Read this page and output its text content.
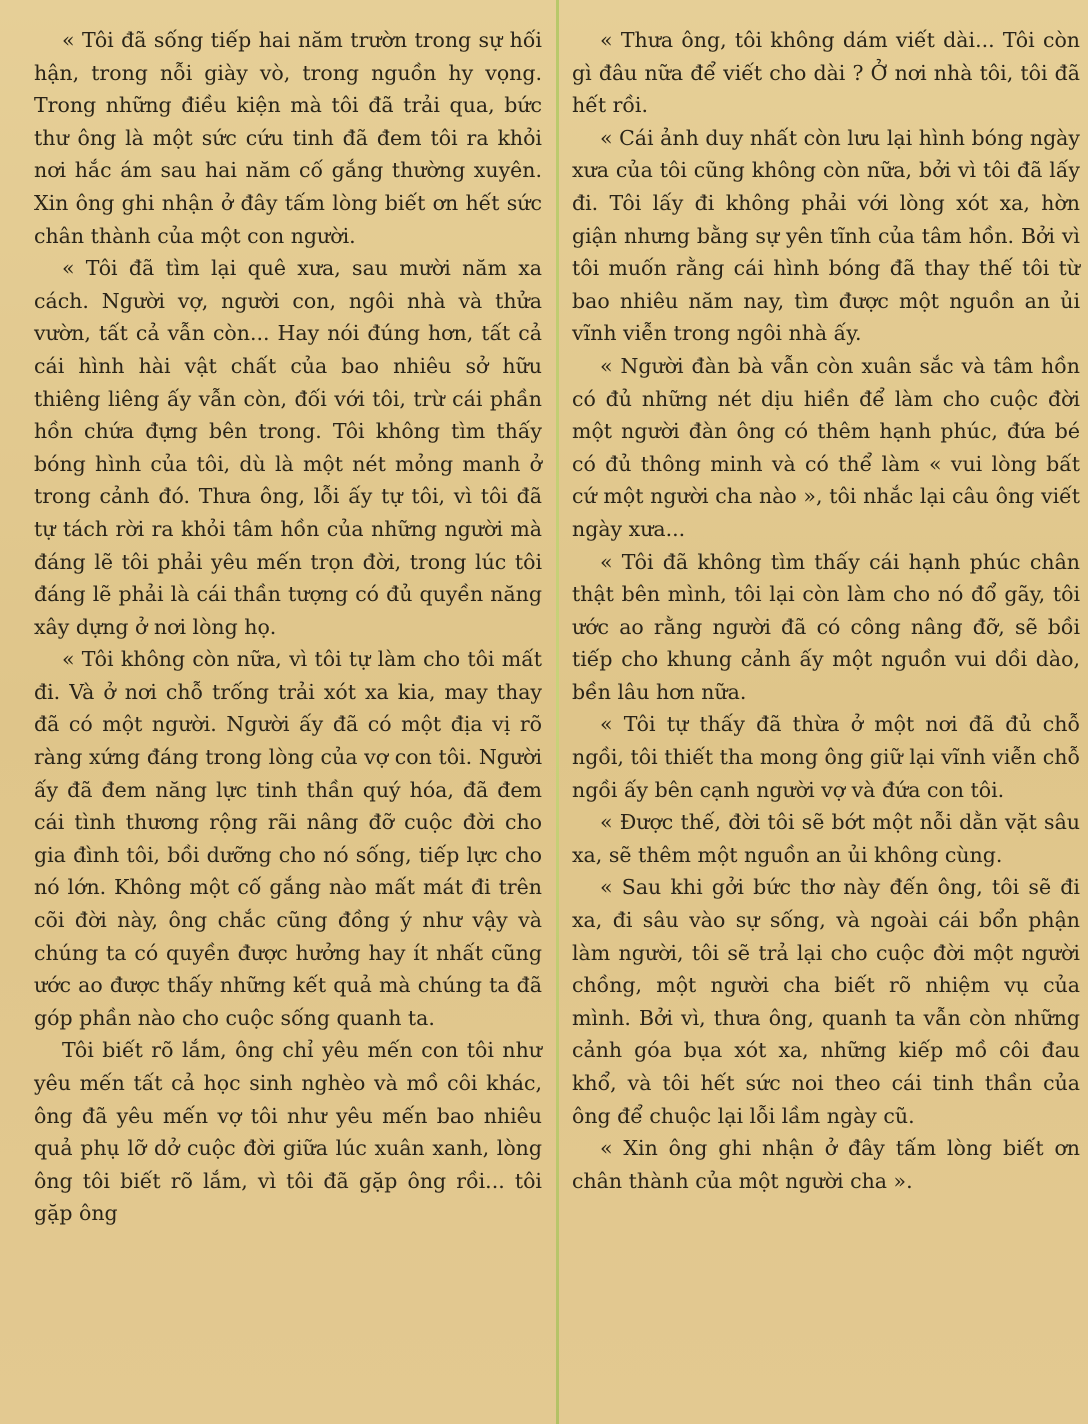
« Tôi đã sống tiếp hai năm trườn trong sự hối hận, trong nỗi giày vò, trong nguồn hy vọng. Trong những điều kiện mà tôi đã trải qua, bức thư ông là một sức cứu tinh đã đem tôi ra khỏi nơi hắc ám sau hai năm cố gắng thường xuyên. Xin ông ghi nhận ở đây tấm lòng biết ơn hết sức chân thành của một con người.

« Tôi đã tìm lại quê xưa, sau mười năm xa cách. Người vợ, người con, ngôi nhà và thửa vườn, tất cả vẫn còn... Hay nói đúng hơn, tất cả cái hình hài vật chất của bao nhiêu sở hữu thiêng liêng ấy vẫn còn, đối với tôi, trừ cái phần hồn chứa đựng bên trong. Tôi không tìm thấy bóng hình của tôi, dù là một nét mỏng manh ở trong cảnh đó. Thưa ông, lỗi ấy tự tôi, vì tôi đã tự tách rời ra khỏi tâm hồn của những người mà đáng lẽ tôi phải yêu mến trọn đời, trong lúc tôi đáng lẽ phải là cái thần tượng có đủ quyền năng xây dựng ở nơi lòng họ.

« Tôi không còn nữa, vì tôi tự làm cho tôi mất đi. Và ở nơi chỗ trống trải xót xa kia, may thay đã có một người. Người ấy đã có một địa vị rõ ràng xứng đáng trong lòng của vợ con tôi. Người ấy đã đem năng lực tinh thần quý hóa, đã đem cái tình thương rộng rãi nâng đỡ cuộc đời cho gia đình tôi, bồi dưỡng cho nó sống, tiếp lực cho nó lớn. Không một cố gắng nào mất mát đi trên cõi đời này, ông chắc cũng đồng ý như vậy và chúng ta có quyền được hưởng hay ít nhất cũng ước ao được thấy những kết quả mà chúng ta đã góp phần nào cho cuộc sống quanh ta.

Tôi biết rõ lắm, ông chỉ yêu mến con tôi như yêu mến tất cả học sinh nghèo và mồ côi khác, ông đã yêu mến vợ tôi như yêu mến bao nhiêu quả phụ lỡ dở cuộc đời giữa lúc xuân xanh, lòng ông tôi biết rõ lắm, vì tôi đã gặp ông rồi... tôi gặp ông

« Thưa ông, tôi không dám viết dài... Tôi còn gì đâu nữa để viết cho dài ? Ở nơi nhà tôi, tôi đã hết rồi.

« Cái ảnh duy nhất còn lưu lại hình bóng ngày xưa của tôi cũng không còn nữa, bởi vì tôi đã lấy đi. Tôi lấy đi không phải với lòng xót xa, hờn giận nhưng bằng sự yên tĩnh của tâm hồn. Bởi vì tôi muốn rằng cái hình bóng đã thay thế tôi từ bao nhiêu năm nay, tìm được một nguồn an ủi vĩnh viễn trong ngôi nhà ấy.

« Người đàn bà vẫn còn xuân sắc và tâm hồn có đủ những nét dịu hiền để làm cho cuộc đời một người đàn ông có thêm hạnh phúc, đứa bé có đủ thông minh và có thể làm « vui lòng bất cứ một người cha nào », tôi nhắc lại câu ông viết ngày xưa...

« Tôi đã không tìm thấy cái hạnh phúc chân thật bên mình, tôi lại còn làm cho nó đổ gãy, tôi ước ao rằng người đã có công nâng đỡ, sẽ bồi tiếp cho khung cảnh ấy một nguồn vui dồi dào, bền lâu hơn nữa.

« Tôi tự thấy đã thừa ở một nơi đã đủ chỗ ngồi, tôi thiết tha mong ông giữ lại vĩnh viễn chỗ ngồi ấy bên cạnh người vợ và đứa con tôi.

« Được thế, đời tôi sẽ bớt một nỗi dằn vặt sâu xa, sẽ thêm một nguồn an ủi không cùng.

« Sau khi gởi bức thơ này đến ông, tôi sẽ đi xa, đi sâu vào sự sống, và ngoài cái bổn phận làm người, tôi sẽ trả lại cho cuộc đời một người chồng, một người cha biết rõ nhiệm vụ của mình. Bởi vì, thưa ông, quanh ta vẫn còn những cảnh góa bụa xót xa, những kiếp mồ côi đau khổ, và tôi hết sức noi theo cái tinh thần của ông để chuộc lại lỗi lầm ngày cũ.

« Xin ông ghi nhận ở đây tấm lòng biết ơn chân thành của một người cha ».
